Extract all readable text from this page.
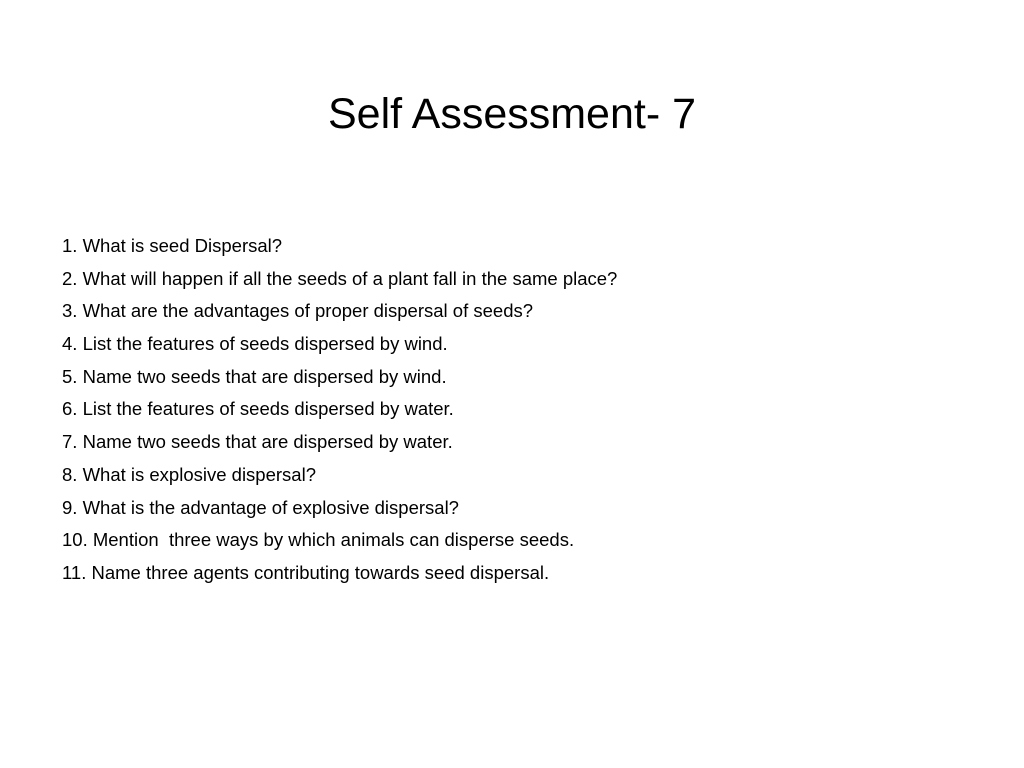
Self Assessment- 7
1. What is seed Dispersal?
2. What will happen if all the seeds of a plant fall in the same place?
3. What are the advantages of proper dispersal of seeds?
4. List the features of seeds dispersed by wind.
5. Name two seeds that are dispersed by wind.
6. List the features of seeds dispersed by water.
7. Name two seeds that are dispersed by water.
8. What is explosive dispersal?
9. What is the advantage of explosive dispersal?
10. Mention  three ways by which animals can disperse seeds.
11. Name three agents contributing towards seed dispersal.
